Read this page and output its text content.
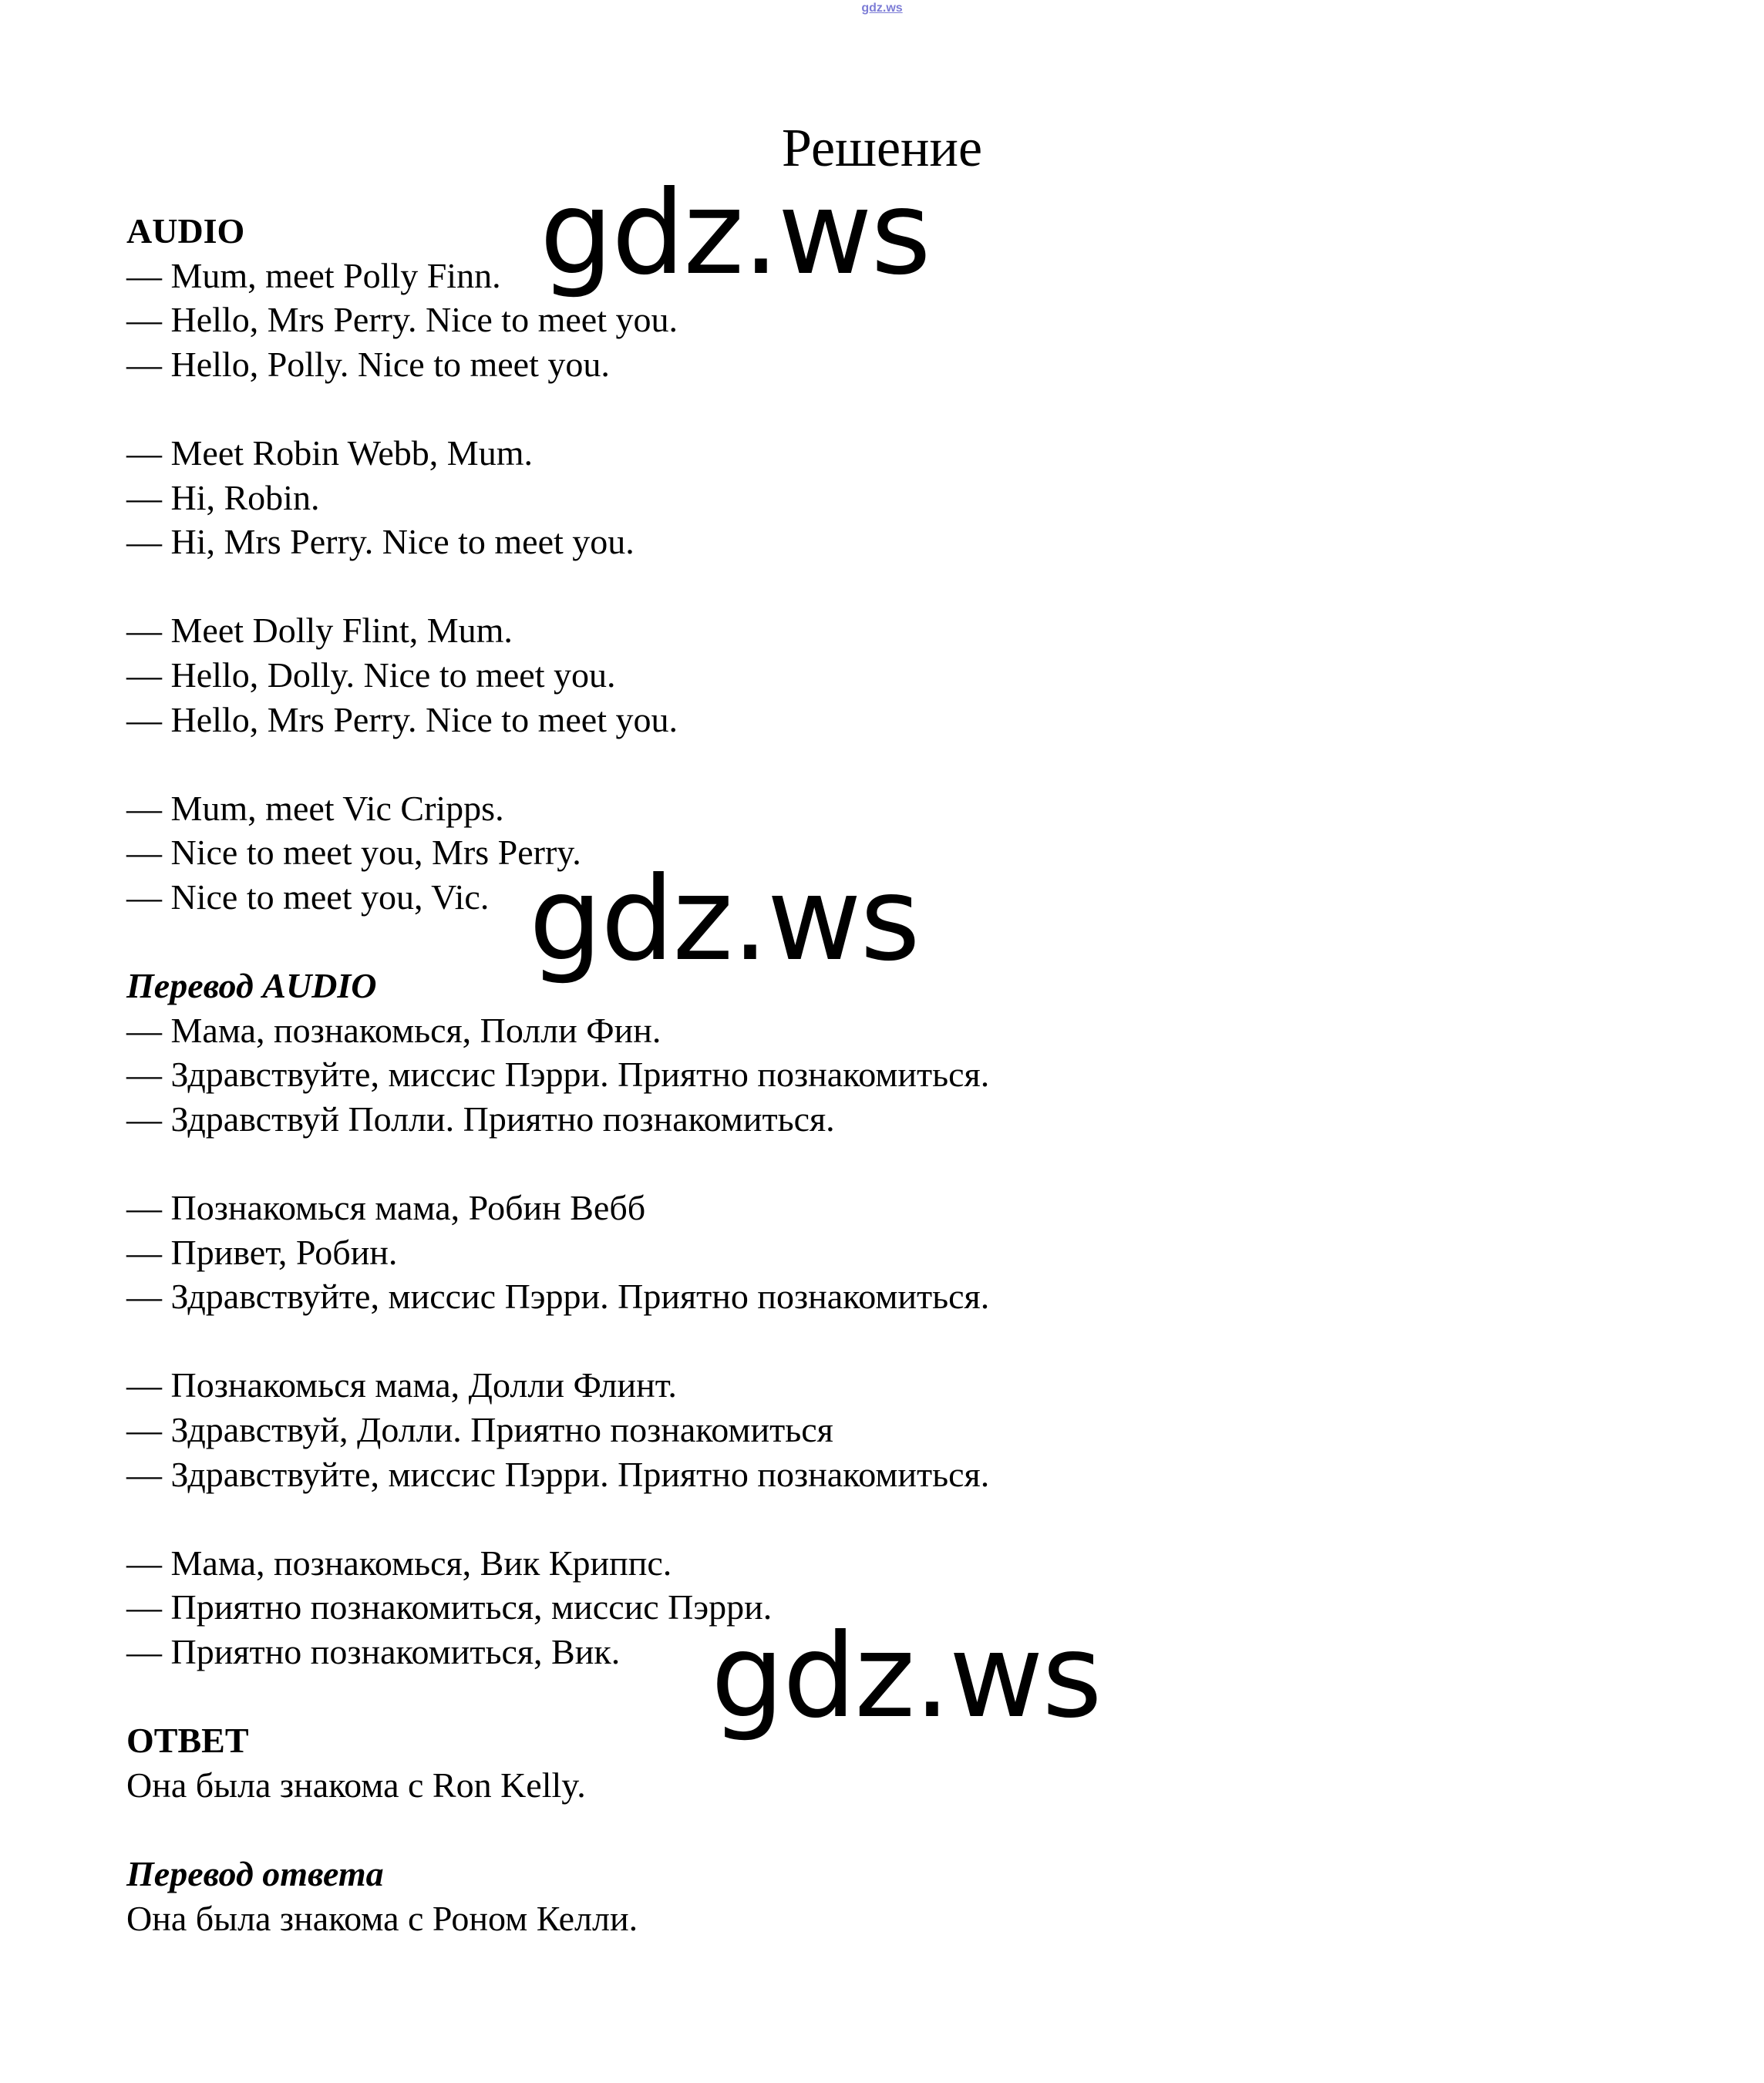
gdz.ws
Решение
AUDIO
— Mum, meet Polly Finn.
— Hello, Mrs Perry. Nice to meet you.
— Hello, Polly. Nice to meet you.
— Meet Robin Webb, Mum.
— Hi, Robin.
— Hi, Mrs Perry. Nice to meet you.
— Meet Dolly Flint, Mum.
— Hello, Dolly. Nice to meet you.
— Hello, Mrs Perry. Nice to meet you.
— Mum, meet Vic Cripps.
— Nice to meet you, Mrs Perry.
— Nice to meet you, Vic.
Перевод AUDIO
— Мама, познакомься, Полли Фин.
— Здравствуйте, миссис Пэрри. Приятно познакомиться.
— Здравствуй Полли. Приятно познакомиться.
— Познакомься мама, Робин Вебб
— Привет, Робин.
— Здравствуйте, миссис Пэрри. Приятно познакомиться.
— Познакомься мама, Долли Флинт.
— Здравствуй, Долли. Приятно познакомиться
— Здравствуйте, миссис Пэрри. Приятно познакомиться.
— Мама, познакомься, Вик Криппс.
— Приятно познакомиться, миссис Пэрри.
— Приятно познакомиться, Вик.
ОТВЕТ
Она была знакома с Ron Kelly.
Перевод ответа
Она была знакома с Роном Келли.
gdz.ws
gdz.ws
gdz.ws
